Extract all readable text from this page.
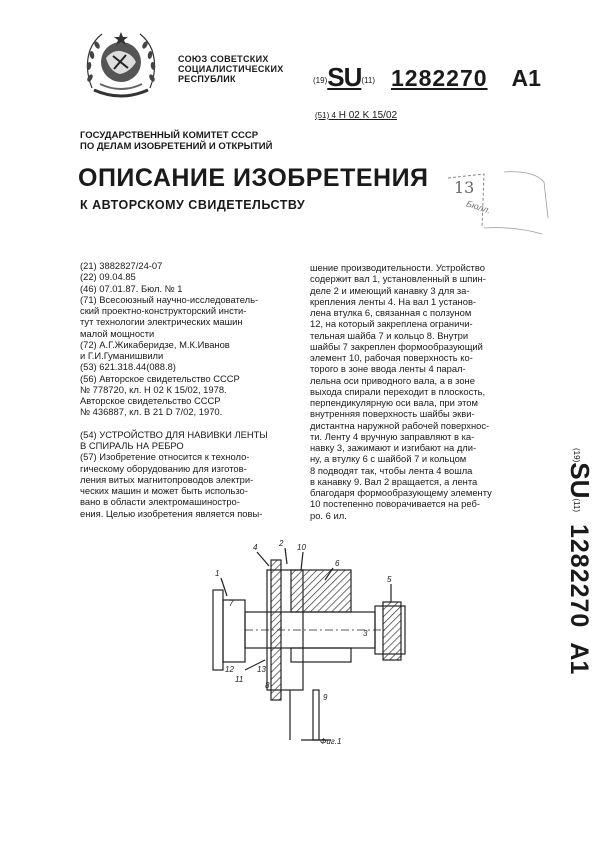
СОЮЗ СОВЕТСКИХ
СОЦИАЛИСТИЧЕСКИХ
РЕСПУБЛИК	(19)SU(11) 1282270 A1
(51) 4 H 02 K 15/02
ГОСУДАРСТВЕННЫЙ КОМИТЕТ СССР
ПО ДЕЛАМ ИЗОБРЕТЕНИЙ И ОТКРЫТИЙ
ОПИСАНИЕ ИЗОБРЕТЕНИЯ
К АВТОРСКОМУ СВИДЕТЕЛЬСТВУ
13
Бюлл.
(21) 3882827/24-07
(22) 09.04.85
(46) 07.01.87. Бюл. № 1
(71) Всесоюзный научно-исследователь-
ский проектно-конструкторский инсти-
тут технологии электрических машин
малой мощности
(72) А.Г.Жикаберидзе, М.К.Иванов
и Г.И.Гуманишвили
(53) 621.318.44(088.8)
(56) Авторское свидетельство СССР
№ 778720, кл. Н 02 К 15/02, 1978.
Авторское свидетельство СССР
№ 436887, кл. В 21 D 7/02, 1970.

(54) УСТРОЙСТВО ДЛЯ НАВИВКИ ЛЕНТЫ
В СПИРАЛЬ НА РЕБРО
(57) Изобретение относится к техноло-
гическому оборудованию для изготов-
ления витых магнитопроводов электри-
ческих машин и может быть использо-
вано в области электромашиностро-
ения. Целью изобретения является повы-
шение производительности. Устройство
содержит вал 1, установленный в шпин-
деле 2 и имеющий канавку 3 для за-
крепления ленты 4. На вал 1 установ-
лена втулка 6, связанная с ползуном
12, на который закреплена ограничи-
тельная шайба 7 и кольцо 8. Внутри
шайбы 7 закреплен формообразующий
элемент 10, рабочая поверхность ко-
торого в зоне ввода ленты 4 парал-
лельна оси приводного вала, а в зоне
выхода спирали переходит в плоскость,
перпендикулярную оси вала, при этом
внутренняя поверхность шайбы экви-
дистантна наружной рабочей поверхнос-
ти. Ленту 4 вручную заправляют в ка-
навку 3, зажимают и изгибают на дли-
ну, а втулку 6 с шайбой 7 и кольцом
8 подводят так, чтобы лента 4 вошла
в канавку 9. Вал 2 вращается, а лента
благодаря формообразующему элементу
10 постепенно поворачивается на реб-
ро. 6 ил.
(19)SU(11)1282270A1
4	2 10
6
1
7
3
5
12
11
13
8
9
Фиг.1
